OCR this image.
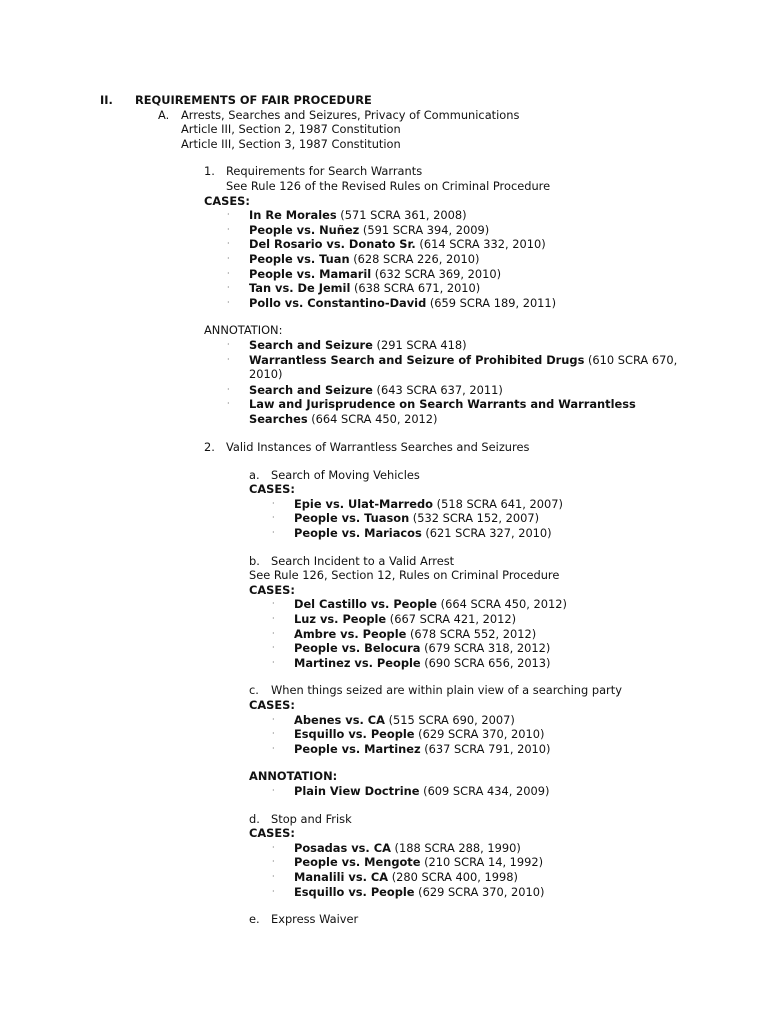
II. REQUIREMENTS OF FAIR PROCEDURE
A. Arrests, Searches and Seizures, Privacy of Communications
Article III, Section 2, 1987 Constitution
Article III, Section 3, 1987 Constitution
1. Requirements for Search Warrants
See Rule 126 of the Revised Rules on Criminal Procedure
CASES:
· In Re Morales (571 SCRA 361, 2008)
· People vs. Nuñez (591 SCRA 394, 2009)
· Del Rosario vs. Donato Sr. (614 SCRA 332, 2010)
· People vs. Tuan (628 SCRA 226, 2010)
· People vs. Mamaril (632 SCRA 369, 2010)
· Tan vs. De Jemil (638 SCRA 671, 2010)
· Pollo vs. Constantino-David (659 SCRA 189, 2011)
ANNOTATION:
· Search and Seizure (291 SCRA 418)
· Warrantless Search and Seizure of Prohibited Drugs (610 SCRA 670, 2010)
· Search and Seizure (643 SCRA 637, 2011)
· Law and Jurisprudence on Search Warrants and Warrantless Searches (664 SCRA 450, 2012)
2. Valid Instances of Warrantless Searches and Seizures
a. Search of Moving Vehicles
CASES:
· Epie vs. Ulat-Marredo (518 SCRA 641, 2007)
· People vs. Tuason (532 SCRA 152, 2007)
· People vs. Mariacos (621 SCRA 327, 2010)
b. Search Incident to a Valid Arrest
See Rule 126, Section 12, Rules on Criminal Procedure
CASES:
· Del Castillo vs. People (664 SCRA 450, 2012)
· Luz vs. People (667 SCRA 421, 2012)
· Ambre vs. People (678 SCRA 552, 2012)
· People vs. Belocura (679 SCRA 318, 2012)
· Martinez vs. People (690 SCRA 656, 2013)
c. When things seized are within plain view of a searching party
CASES:
· Abenes vs. CA (515 SCRA 690, 2007)
· Esquillo vs. People (629 SCRA 370, 2010)
· People vs. Martinez (637 SCRA 791, 2010)
ANNOTATION:
· Plain View Doctrine (609 SCRA 434, 2009)
d. Stop and Frisk
CASES:
· Posadas vs. CA (188 SCRA 288, 1990)
· People vs. Mengote (210 SCRA 14, 1992)
· Manalili vs. CA (280 SCRA 400, 1998)
· Esquillo vs. People (629 SCRA 370, 2010)
e. Express Waiver
